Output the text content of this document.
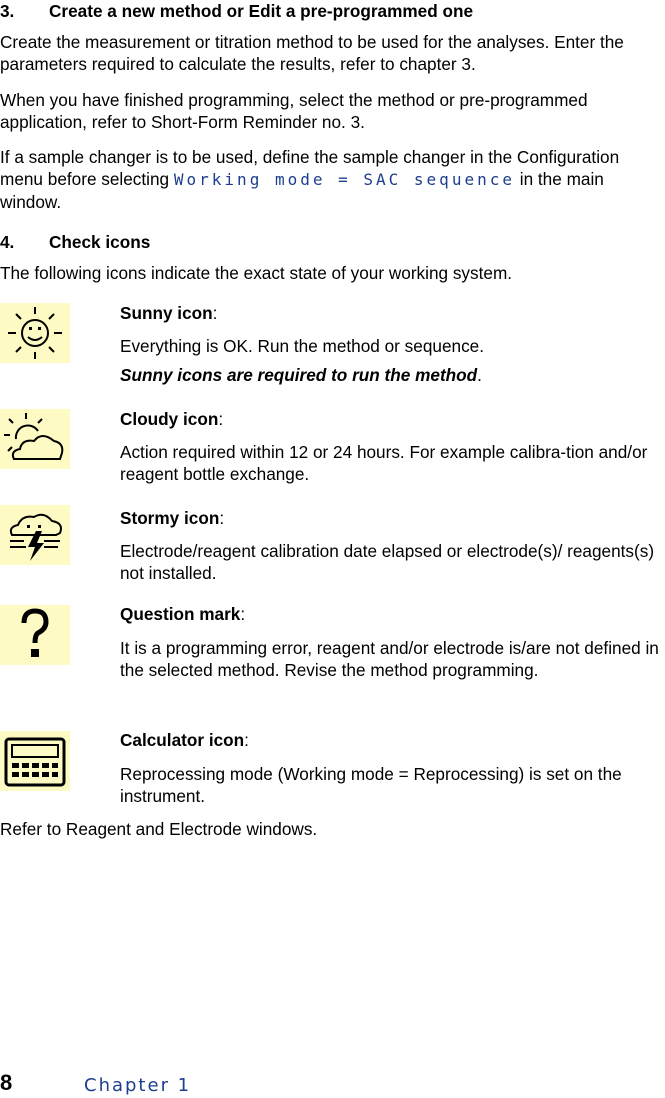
3. Create a new method or Edit a pre-programmed one

Create the measurement or titration method to be used for the analyses. Enter the parameters required to calculate the results, refer to chapter 3.

When you have finished programming, select the method or pre-programmed application, refer to Short-Form Reminder no. 3.

If a sample changer is to be used, define the sample changer in the Configuration menu before selecting Working mode = SAC sequence in the main window.

4. Check icons

The following icons indicate the exact state of your working system.

Sunny icon:

Everything is OK. Run the method or sequence.

Sunny icons are required to run the method.

Cloudy icon:

Action required within 12 or 24 hours. For example calibra-tion and/or reagent bottle exchange.

Stormy icon:

Electrode/reagent calibration date elapsed or electrode(s)/ reagents(s) not installed.

Question mark:

It is a programming error, reagent and/or electrode is/are not defined in the selected method. Revise the method programming.

Calculator icon:

Reprocessing mode (Working mode = Reprocessing) is set on the instrument.

Refer to Reagent and Electrode windows.

8	Chapter 1
